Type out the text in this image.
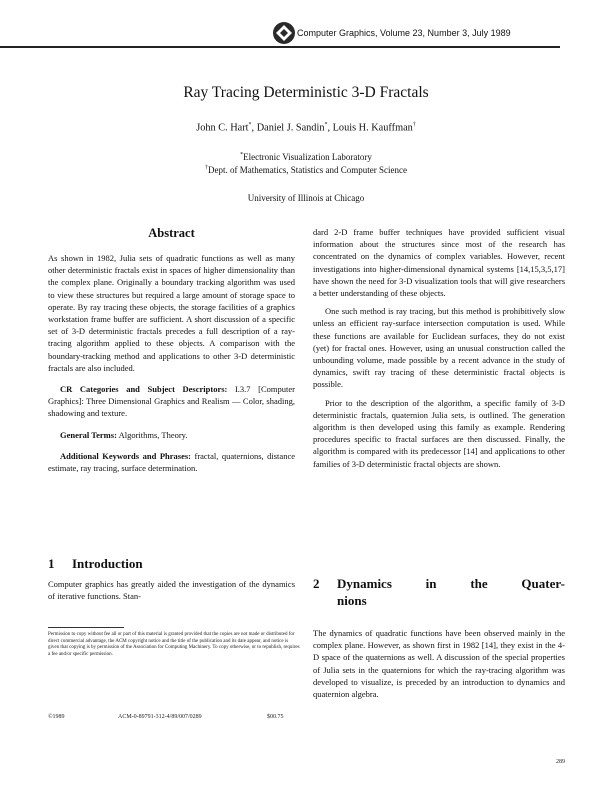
Computer Graphics, Volume 23, Number 3, July 1989
Ray Tracing Deterministic 3-D Fractals
John C. Hart*, Daniel J. Sandin*, Louis H. Kauffman†
*Electronic Visualization Laboratory
†Dept. of Mathematics, Statistics and Computer Science
University of Illinois at Chicago
Abstract

As shown in 1982, Julia sets of quadratic functions as well as many other deterministic fractals exist in spaces of higher dimensionality than the complex plane. Originally a boundary tracking algorithm was used to view these structures but required a large amount of storage space to operate. By ray tracing these objects, the storage facilities of a graphics workstation frame buffer are sufficient. A short discussion of a specific set of 3-D deterministic fractals precedes a full description of a ray-tracing algorithm applied to these objects. A comparison with the boundary-tracking method and applications to other 3-D deterministic fractals are also included.

CR Categories and Subject Descriptors: I.3.7 [Computer Graphics]: Three Dimensional Graphics and Realism — Color, shading, shadowing and texture.

General Terms: Algorithms, Theory.

Additional Keywords and Phrases: fractal, quaternions, distance estimate, ray tracing, surface determination.

1 Introduction

Computer graphics has greatly aided the investigation of the dynamics of iterative functions. Stan-

Permission to copy without fee all or part of this material is granted provided that the copies are not made or distributed for direct commercial advantage, the ACM copyright notice and the title of the publication and its date appear, and notice is given that copying is by permission of the Association for Computing Machinery. To copy otherwise, or to republish, requires a fee and/or specific permission.

dard 2-D frame buffer techniques have provided sufficient visual information about the structures since most of the research has concentrated on the dynamics of complex variables. However, recent investigations into higher-dimensional dynamical systems [14,15,3,5,17] have shown the need for 3-D visualization tools that will give researchers a better understanding of these objects.

One such method is ray tracing, but this method is prohibitively slow unless an efficient ray-surface intersection computation is used. While these functions are available for Euclidean surfaces, they do not exist (yet) for fractal ones. However, using an unusual construction called the unbounding volume, made possible by a recent advance in the study of dynamics, swift ray tracing of these deterministic fractal objects is possible.

Prior to the description of the algorithm, a specific family of 3-D deterministic fractals, quaternion Julia sets, is outlined. The generation algorithm is then developed using this family as example. Rendering procedures specific to fractal surfaces are then discussed. Finally, the algorithm is compared with its predecessor [14] and applications to other families of 3-D deterministic fractal objects are shown.

2	Dynamics in the Quater-
nions

The dynamics of quadratic functions have been observed mainly in the complex plane. However, as shown first in 1982 [14], they exist in the 4-D space of the quaternions as well. A discussion of the special properties of Julia sets in the quaternions for which the ray-tracing algorithm was developed to visualize, is preceded by an introduction to dynamics and quaternion algebra.

©1989	ACM-0-89791-312-4/89/007/0289	$00.75
289
